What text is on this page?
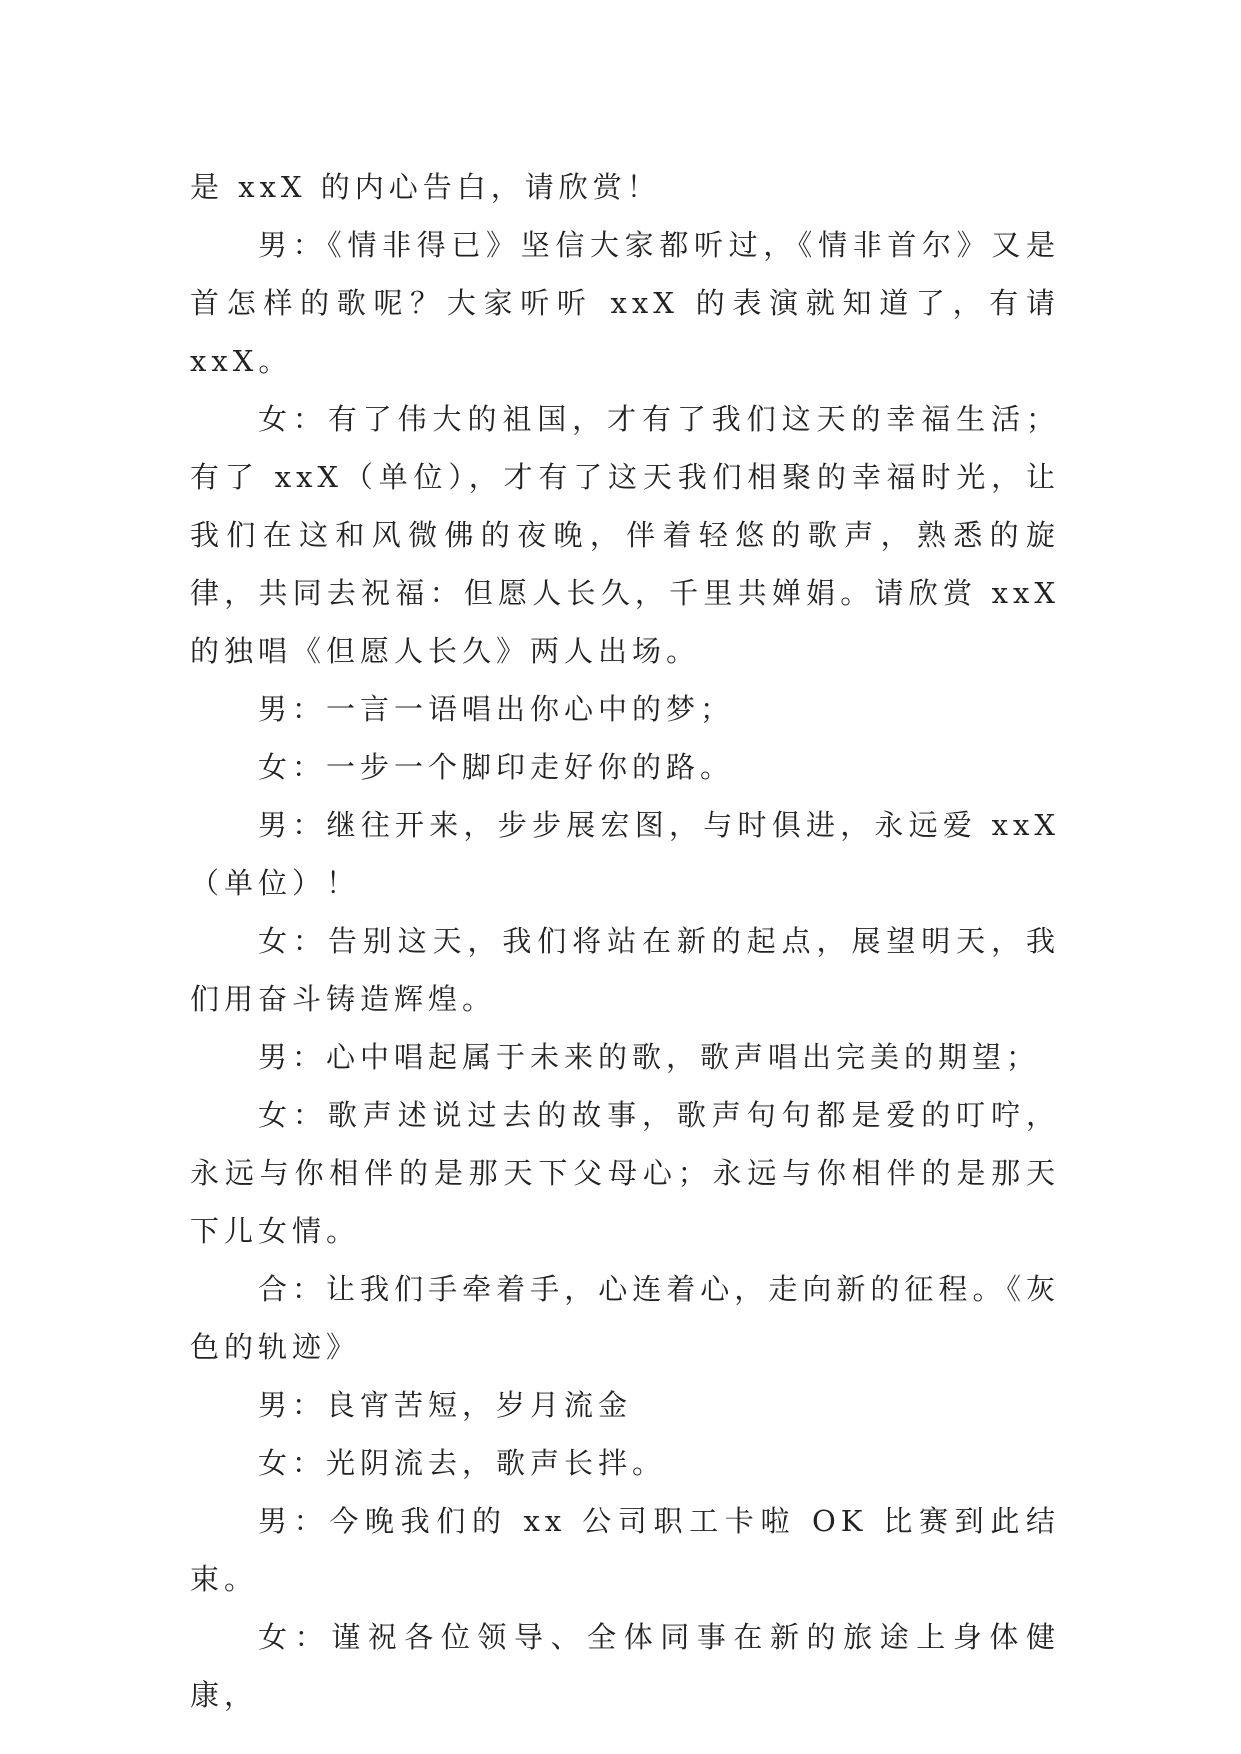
是 xxX 的内心告白，请欣赏！

男：《情非得已》坚信大家都听过，《情非首尔》又是首怎样的歌呢？大家听听 xxX 的表演就知道了，有请 xxX。

女：有了伟大的祖国，才有了我们这天的幸福生活；有了 xxX（单位），才有了这天我们相聚的幸福时光，让我们在这和风微佛的夜晚，伴着轻悠的歌声，熟悉的旋律，共同去祝福：但愿人长久，千里共婵娟。请欣赏 xxX 的独唱《但愿人长久》两人出场。

男：一言一语唱出你心中的梦；

女：一步一个脚印走好你的路。

男：继往开来，步步展宏图，与时俱进，永远爱 xxX（单位）！

女：告别这天，我们将站在新的起点，展望明天，我们用奋斗铸造辉煌。

男：心中唱起属于未来的歌，歌声唱出完美的期望；

女：歌声述说过去的故事，歌声句句都是爱的叮咛，永远与你相伴的是那天下父母心；永远与你相伴的是那天下儿女情。

合：让我们手牵着手，心连着心，走向新的征程。《灰色的轨迹》

男：良宵苦短，岁月流金

女：光阴流去，歌声长拌。

男：今晚我们的 xx 公司职工卡啦 OK 比赛到此结束。

女：谨祝各位领导、全体同事在新的旅途上身体健康，
